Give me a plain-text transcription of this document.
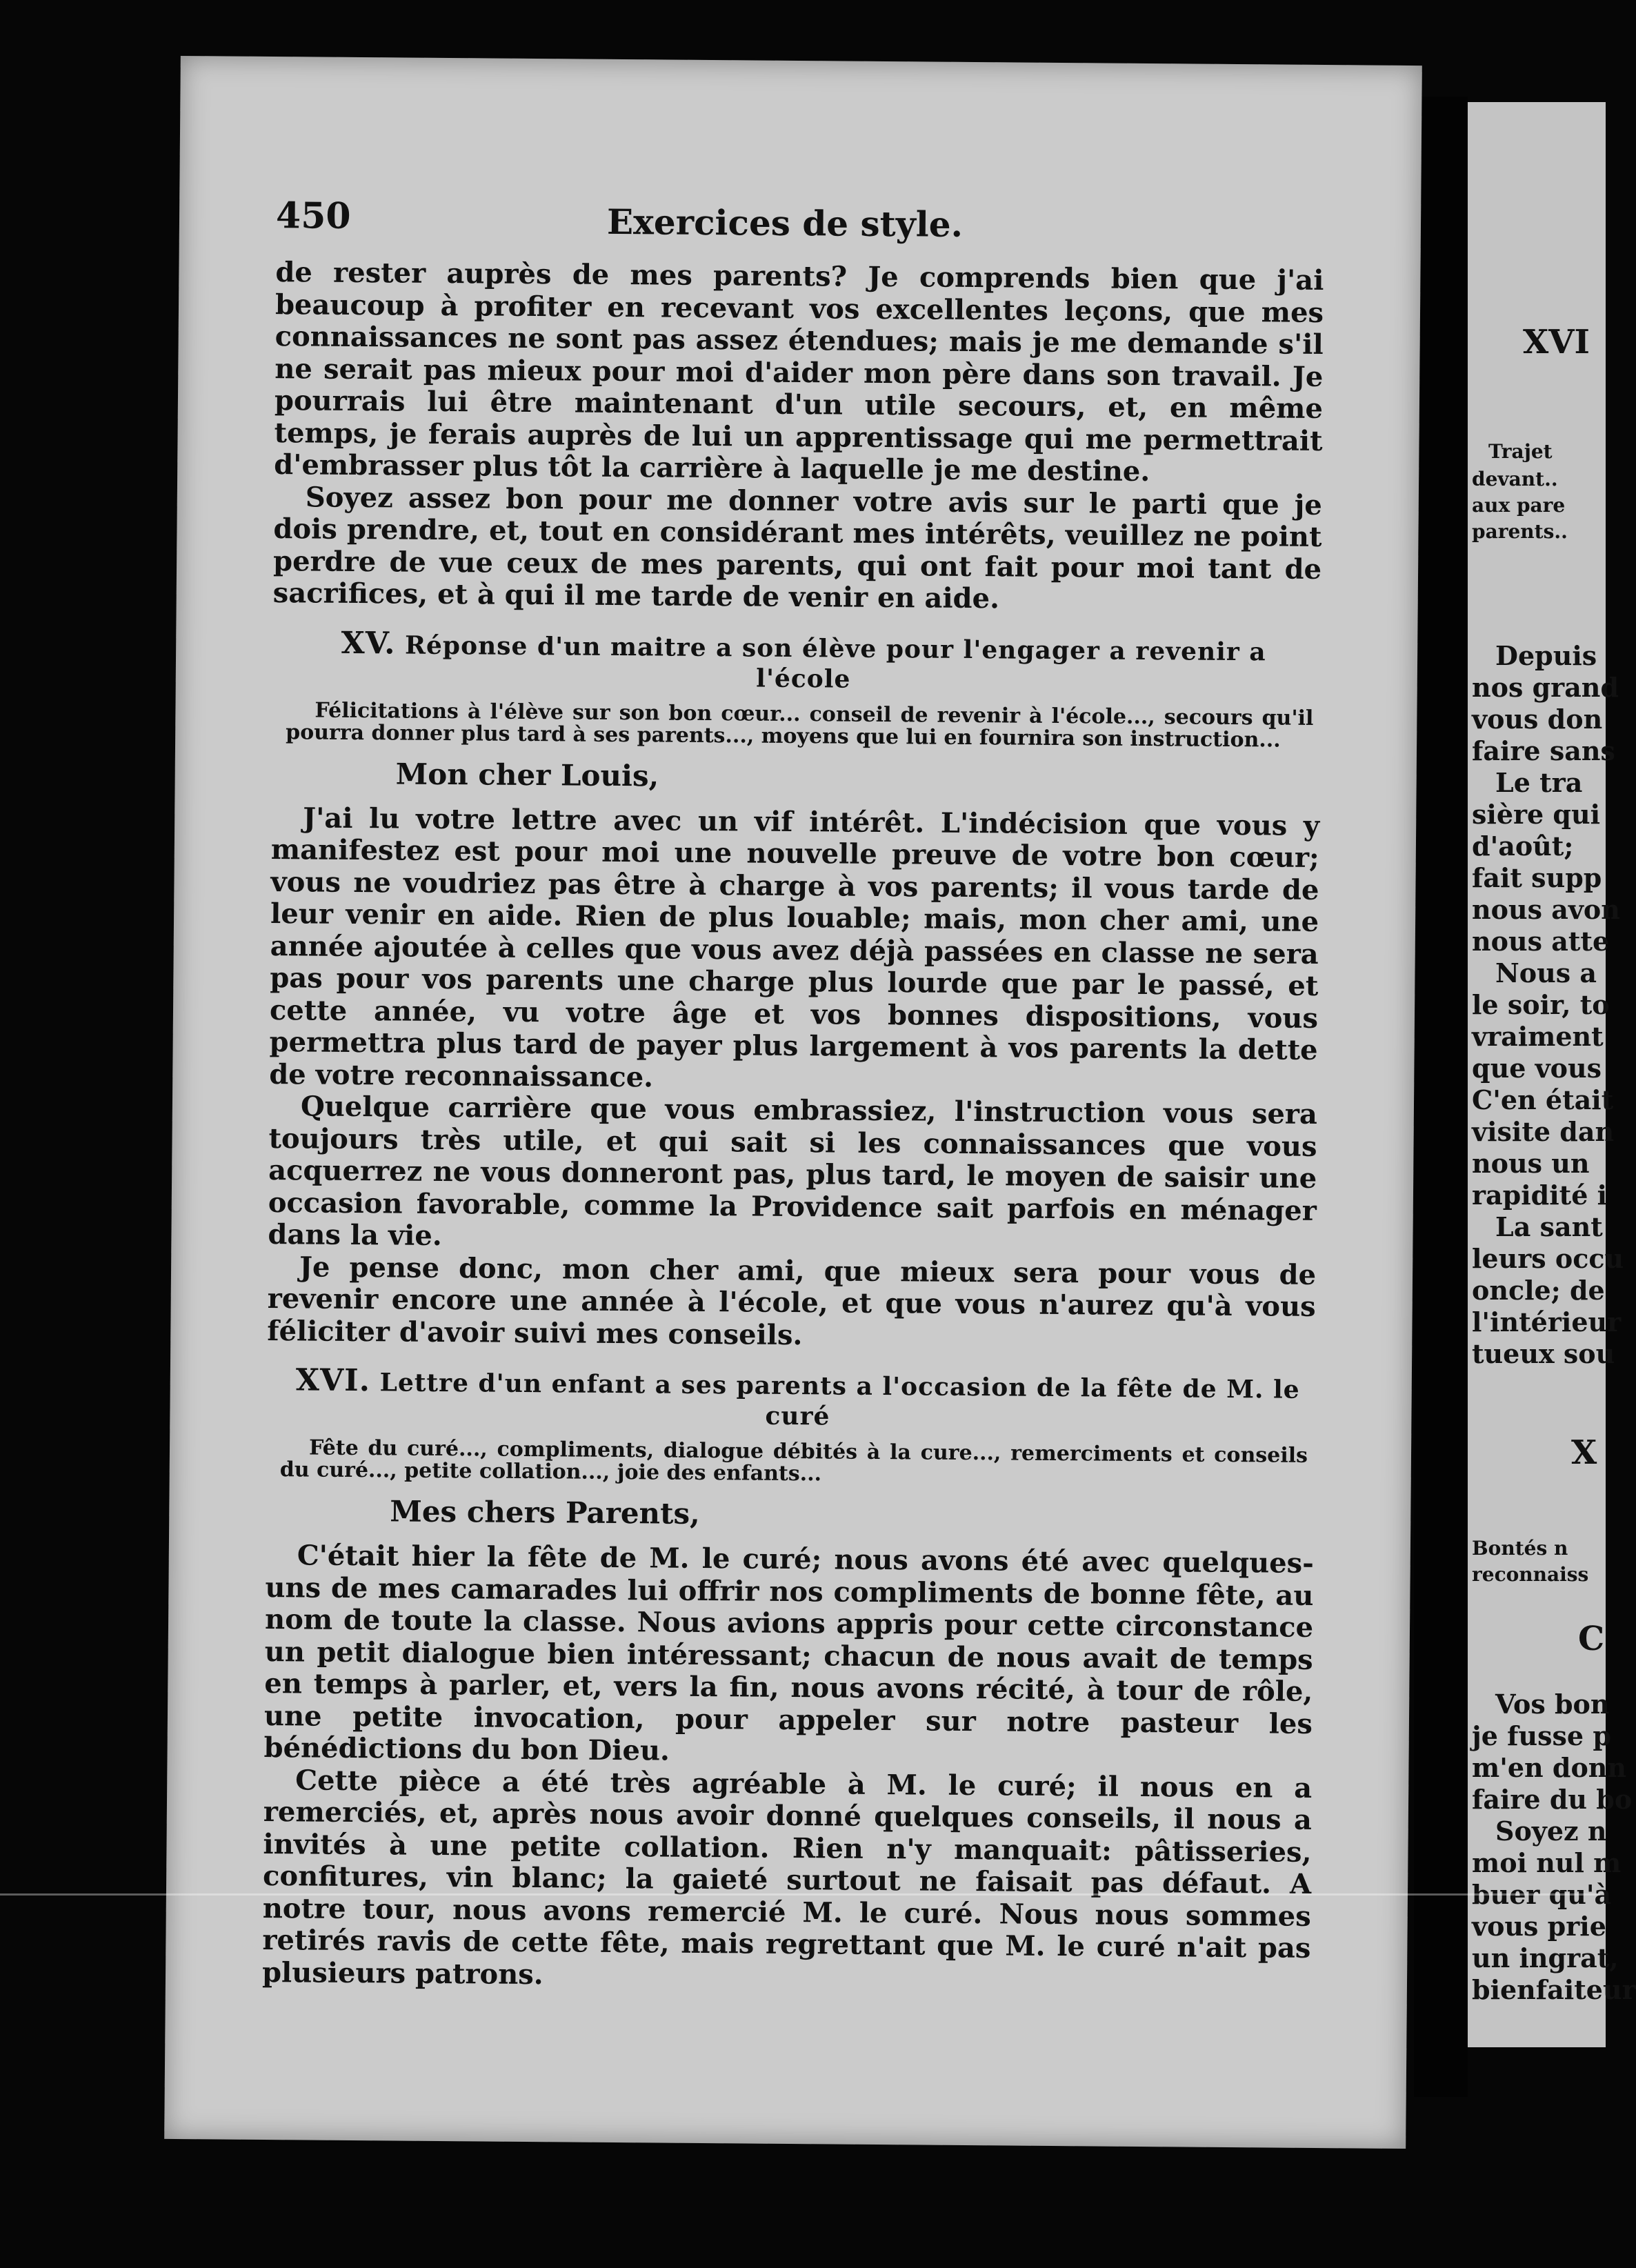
450	Exercices de style.

de rester auprès de mes parents? Je comprends bien que j'ai beaucoup à profiter en recevant vos excellentes leçons, que mes connaissances ne sont pas assez étendues; mais je me demande s'il ne serait pas mieux pour moi d'aider mon père dans son travail. Je pourrais lui être maintenant d'un utile secours, et, en même temps, je ferais auprès de lui un apprentissage qui me permettrait d'embrasser plus tôt la carrière à laquelle je me destine.

Soyez assez bon pour me donner votre avis sur le parti que je dois prendre, et, tout en considérant mes intérêts, veuillez ne point perdre de vue ceux de mes parents, qui ont fait pour moi tant de sacrifices, et à qui il me tarde de venir en aide.

XV. Réponse d'un maitre a son élève pour l'engager a revenir a l'école

Félicitations à l'élève sur son bon cœur... conseil de revenir à l'école..., secours qu'il pourra donner plus tard à ses parents..., moyens que lui en fournira son instruction...

Mon cher Louis,

J'ai lu votre lettre avec un vif intérêt. L'indécision que vous y manifestez est pour moi une nouvelle preuve de votre bon cœur; vous ne voudriez pas être à charge à vos parents; il vous tarde de leur venir en aide. Rien de plus louable; mais, mon cher ami, une année ajoutée à celles que vous avez déjà passées en classe ne sera pas pour vos parents une charge plus lourde que par le passé, et cette année, vu votre âge et vos bonnes dispositions, vous permettra plus tard de payer plus largement à vos parents la dette de votre reconnaissance.

Quelque carrière que vous embrassiez, l'instruction vous sera toujours très utile, et qui sait si les connaissances que vous acquerrez ne vous donneront pas, plus tard, le moyen de saisir une occasion favorable, comme la Providence sait parfois en ménager dans la vie.

Je pense donc, mon cher ami, que mieux sera pour vous de revenir encore une année à l'école, et que vous n'aurez qu'à vous féliciter d'avoir suivi mes conseils.

XVI. Lettre d'un enfant a ses parents a l'occasion de la fête de M. le curé

Fête du curé..., compliments, dialogue débités à la cure..., remerciments et conseils du curé..., petite collation..., joie des enfants...

Mes chers Parents,

C'était hier la fête de M. le curé; nous avons été avec quelques-uns de mes camarades lui offrir nos compliments de bonne fête, au nom de toute la classe. Nous avions appris pour cette circonstance un petit dialogue bien intéressant; chacun de nous avait de temps en temps à parler, et, vers la fin, nous avons récité, à tour de rôle, une petite invocation, pour appeler sur notre pasteur les bénédictions du bon Dieu.

Cette pièce a été très agréable à M. le curé; il nous en a remerciés, et, après nous avoir donné quelques conseils, il nous a invités à une petite collation. Rien n'y manquait: pâtisseries, confitures, vin blanc; la gaieté surtout ne faisait pas défaut. A notre tour, nous avons remercié M. le curé. Nous nous sommes retirés ravis de cette fête, mais regrettant que M. le curé n'ait pas plusieurs patrons.

XVI
Trajet
devant..
aux pare
parents..
Depuis
nos grand
vous don
faire sans
Le tra
sière qui
d'août;
fait supp
nous avon
nous atte
Nous a
le soir, to
vraiment
que vous
C'en était
visite dan
nous un
rapidité i
La sant
leurs occu
oncle; de
l'intérieur
tueux sou
X
Bontés n
reconnaiss
C
Vos bon
je fusse p
m'en donn
faire du bo
Soyez n
moi nul m
buer qu'à
vous prie
un ingrat,
bienfaiteur
